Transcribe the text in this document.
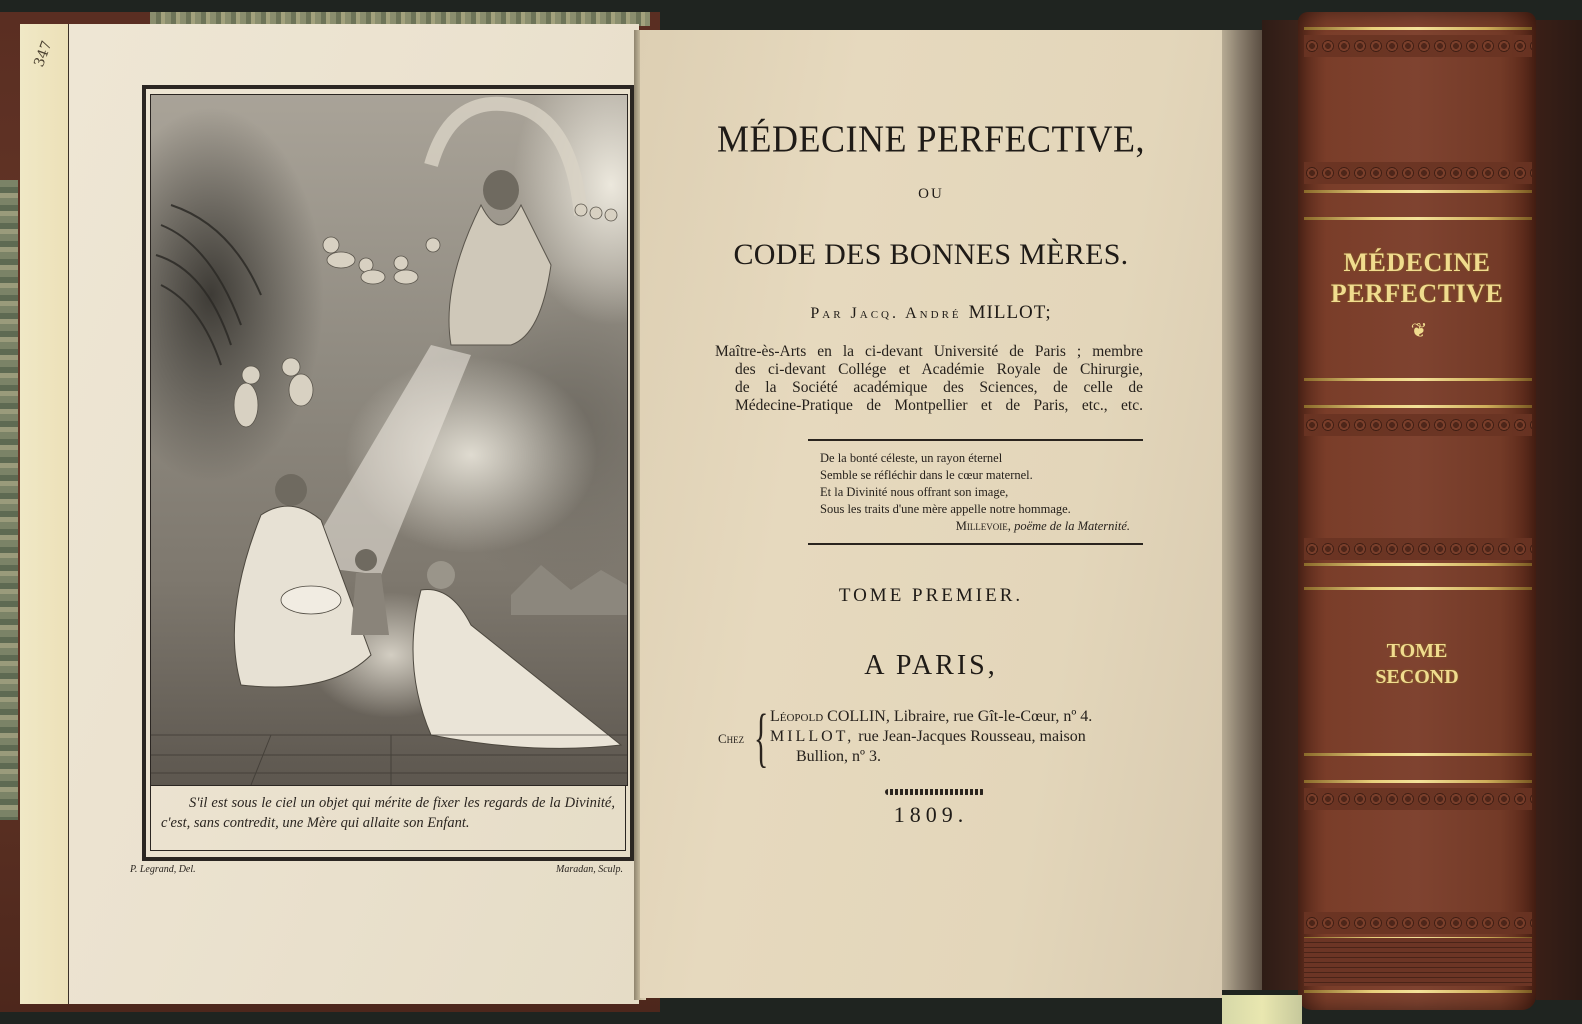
347
S'il est sous le ciel un objet qui mérite de fixer les regards de la Divinité, c'est, sans contredit, une Mère qui allaite son Enfant.
P. Legrand, Del.	Maradan, Sculp.
MÉDECINE PERFECTIVE,
OU
CODE DES BONNES MÈRES.
Par Jacq. André MILLOT;
Maître-ès-Arts en la ci-devant Université de Paris ; membre
des ci-devant Collége et Académie Royale de Chirurgie,
de la Société académique des Sciences, de celle de
Médecine-Pratique de Montpellier et de Paris, etc., etc.
De la bonté céleste, un rayon éternel
Semble se réfléchir dans le cœur maternel.
Et la Divinité nous offrant son image,
Sous les traits d'une mère appelle notre hommage.
Millevoie, poëme de la Maternité.
TOME PREMIER.
A PARIS,
Chez { Léopold COLLIN, Libraire, rue Gît-le-Cœur, nº 4.
MILLOT, rue Jean-Jacques Rousseau, maison
Bullion, nº 3.
1809.
MÉDECINE
PERFECTIVE
❦
TOME
SECOND
